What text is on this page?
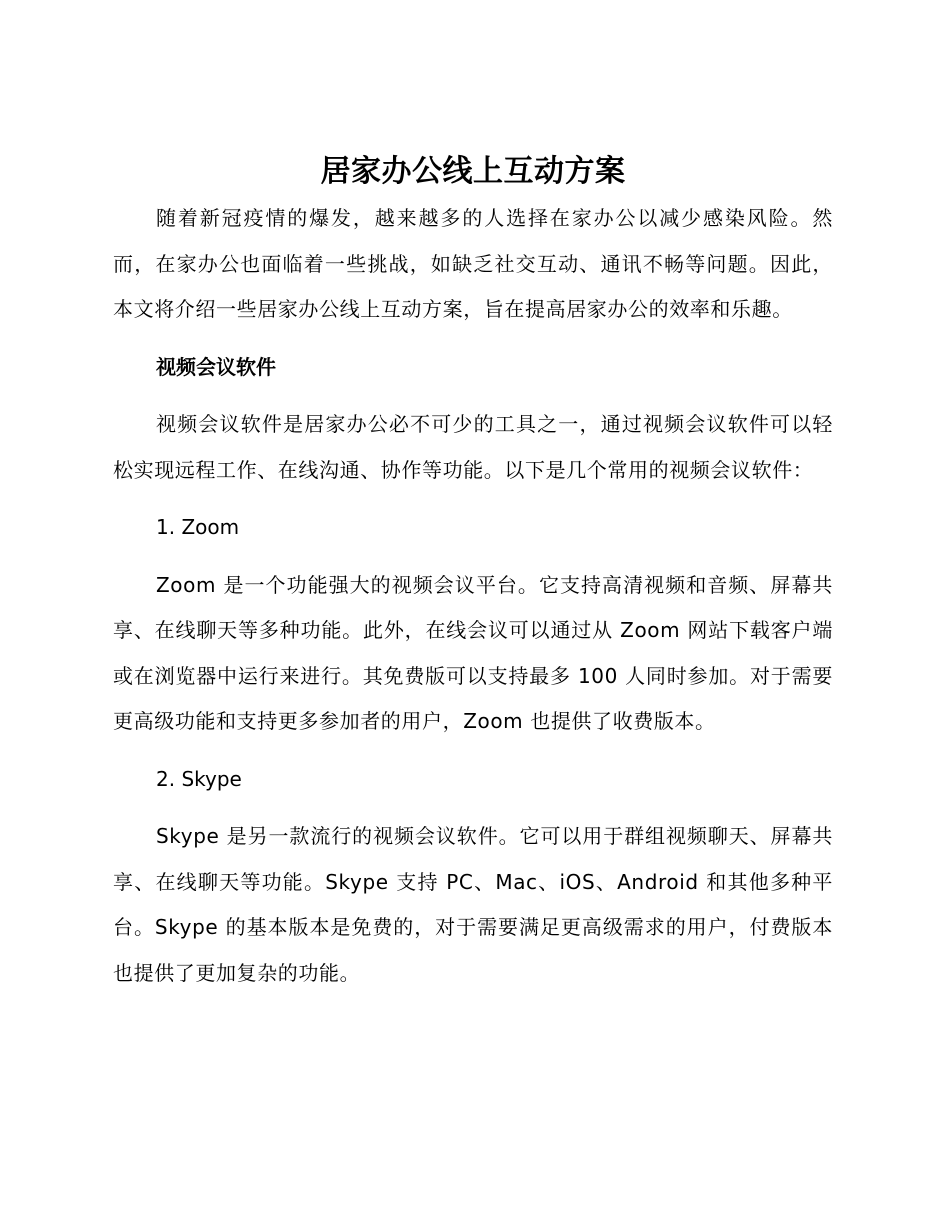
居家办公线上互动方案

随着新冠疫情的爆发，越来越多的人选择在家办公以减少感染风险。然而，在家办公也面临着一些挑战，如缺乏社交互动、通讯不畅等问题。因此，本文将介绍一些居家办公线上互动方案，旨在提高居家办公的效率和乐趣。

视频会议软件

视频会议软件是居家办公必不可少的工具之一，通过视频会议软件可以轻松实现远程工作、在线沟通、协作等功能。以下是几个常用的视频会议软件：

1. Zoom

Zoom 是一个功能强大的视频会议平台。它支持高清视频和音频、屏幕共享、在线聊天等多种功能。此外，在线会议可以通过从 Zoom 网站下载客户端或在浏览器中运行来进行。其免费版可以支持最多 100 人同时参加。对于需要更高级功能和支持更多参加者的用户，Zoom 也提供了收费版本。

2. Skype

Skype 是另一款流行的视频会议软件。它可以用于群组视频聊天、屏幕共享、在线聊天等功能。Skype 支持 PC、Mac、iOS、Android 和其他多种平台。Skype 的基本版本是免费的，对于需要满足更高级需求的用户，付费版本也提供了更加复杂的功能。
